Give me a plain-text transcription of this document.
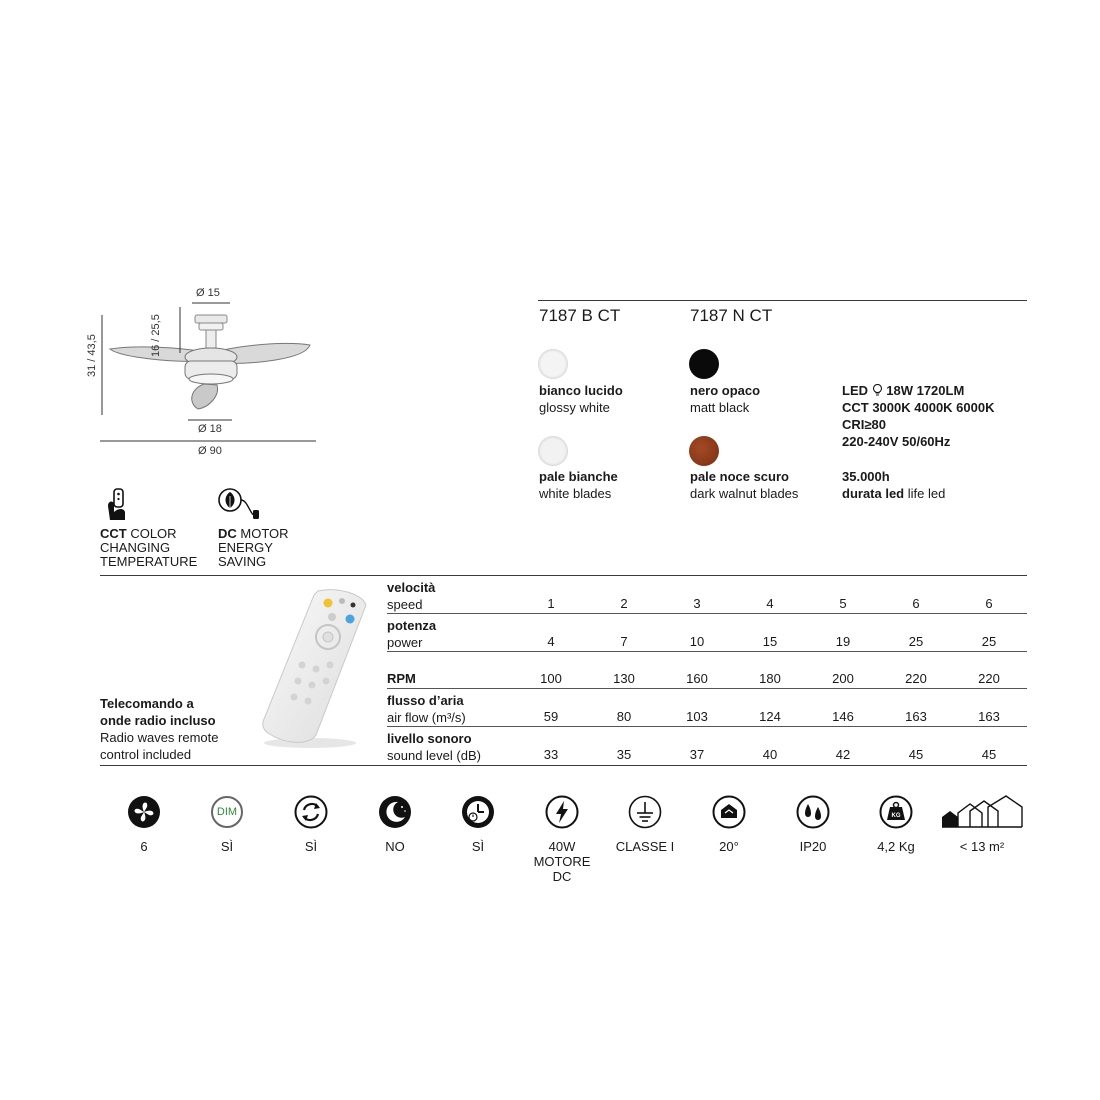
Ø 15
16 / 25,5
31 / 43,5
Ø 18
Ø 90
CCT COLOR
CHANGING
TEMPERATURE
DC MOTOR
ENERGY
SAVING
7187 B CT	7187 N CT
bianco lucido
glossy white
nero opaco
matt black
pale bianche
white blades
pale noce scuro
dark walnut blades
LED 18W 1720LM
CCT 3000K 4000K 6000K
CRI≥80
220-240V 50/60Hz
35.000h
durata led life led
Telecomando a
onde radio incluso
Radio waves remote
control included
velocità
speed	1	2	3	4	5	6	6
potenza
power	4	7	10	15	19	25	25
RPM	100	130	160	180	200	220	220
flusso d’aria
air flow (m³/s)	59	80	103	124	146	163	163
livello sonoro
sound level (dB)	33	35	37	40	42	45	45
6
DIM
SÌ	SÌ	NO	SÌ	40W
MOTORE
DC
CLASSE I	20°	IP20
KG
4,2 Kg	< 13 m²
